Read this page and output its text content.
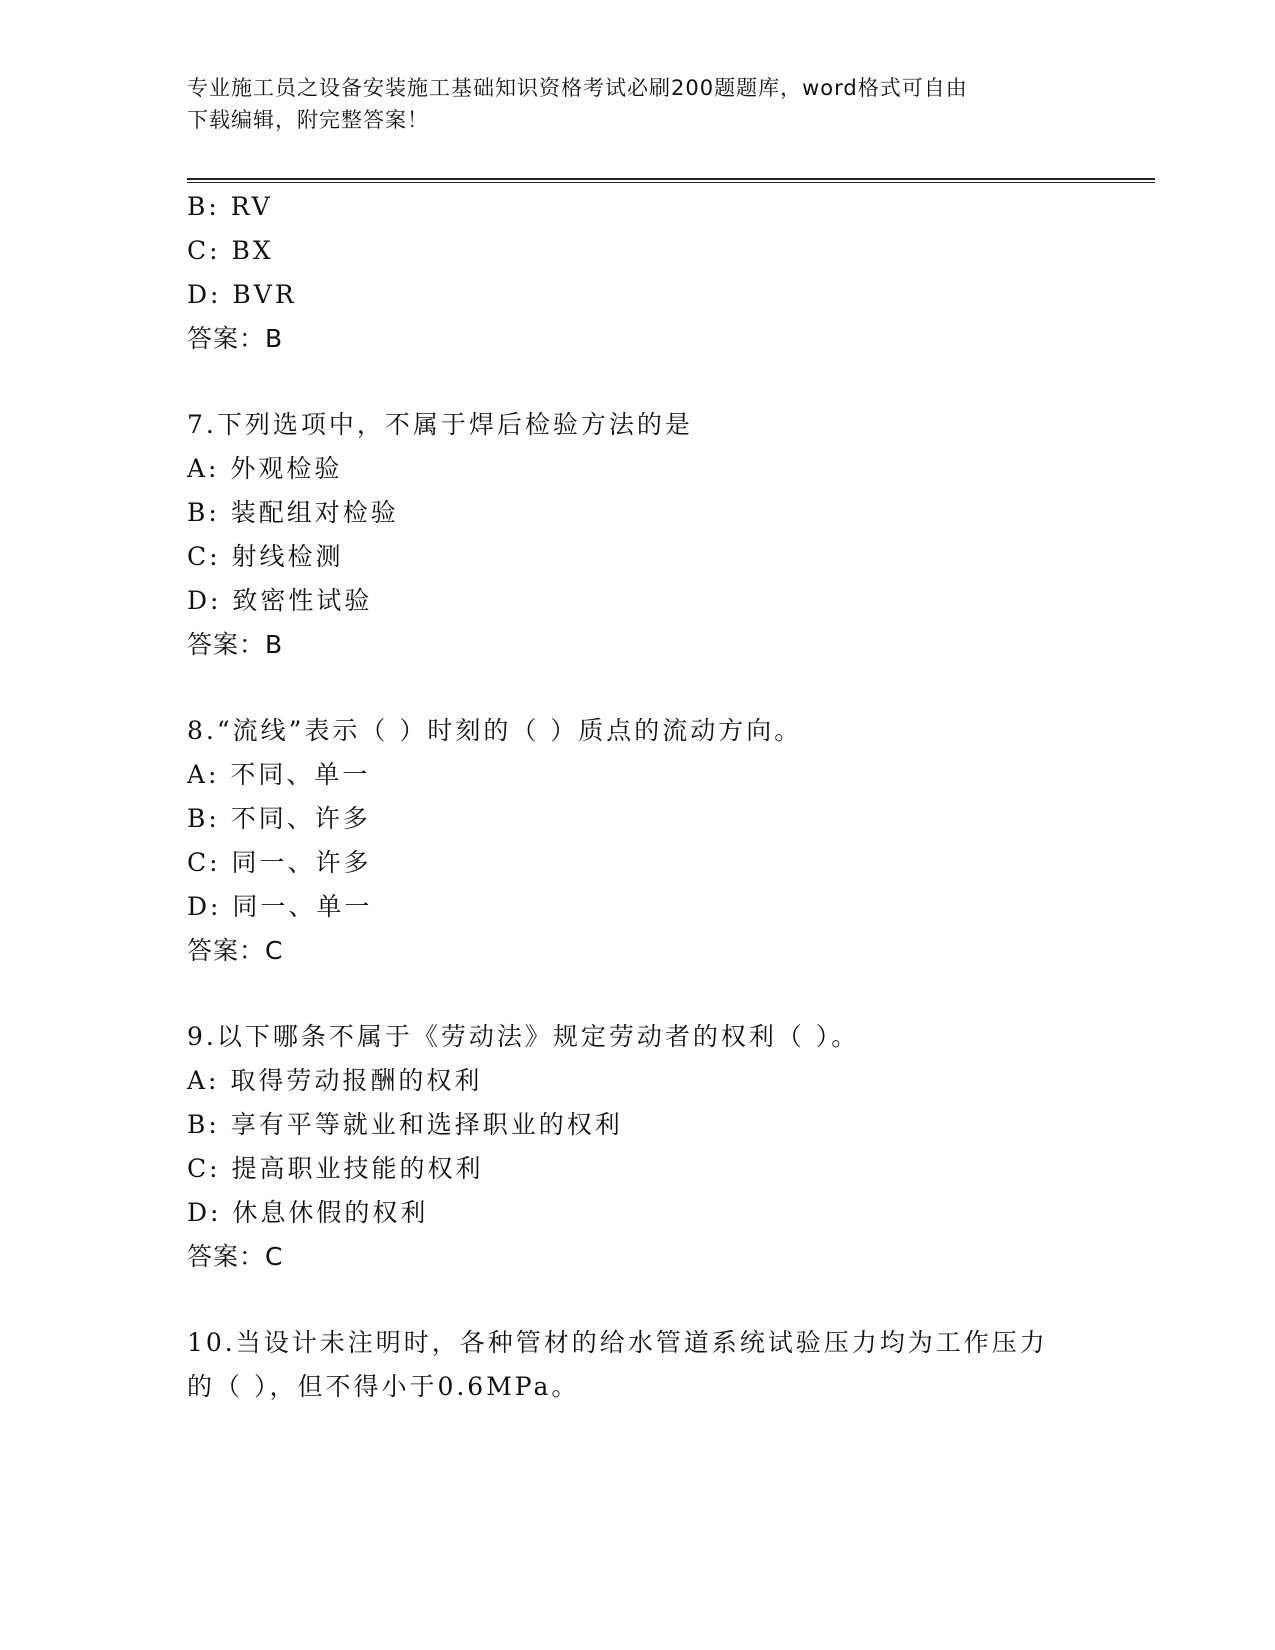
专业施工员之设备安装施工基础知识资格考试必刷200题题库，word格式可自由
下载编辑，附完整答案！
B: RV
C: BX
D: BVR
答案：B
7.下列选项中，不属于焊后检验方法的是
A: 外观检验
B: 装配组对检验
C: 射线检测
D: 致密性试验
答案：B
8.“流线”表示（ ）时刻的（ ）质点的流动方向。
A: 不同、单一
B: 不同、许多
C: 同一、许多
D: 同一、单一
答案：C
9.以下哪条不属于《劳动法》规定劳动者的权利（ ）。
A: 取得劳动报酬的权利
B: 享有平等就业和选择职业的权利
C: 提高职业技能的权利
D: 休息休假的权利
答案：C
10.当设计未注明时，各种管材的给水管道系统试验压力均为工作压力
的（ ），但不得小于0.6MPa。
